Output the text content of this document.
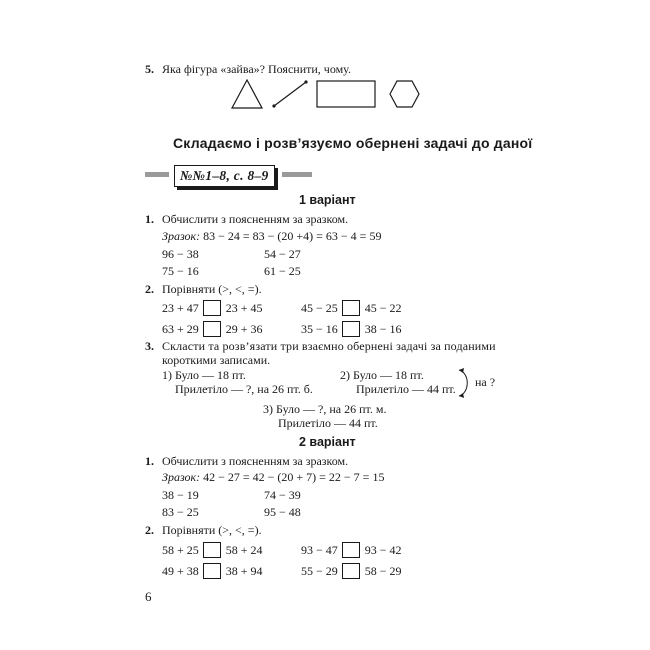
5. Яка фігура «зайва»? Пояснити, чому.
Складаємо і розв’язуємо обернені задачі до даної
№№1–8, с. 8–9
1 варіант
1. Обчислити з поясненням за зразком.
Зразок: 83 − 24 = 83 − (20 +4) = 63 − 4 = 59
96 − 38	54 − 27
75 − 16	61 − 25
2. Порівняти (>, <, =).
23 + 47 23 + 45	45 − 25 45 − 22
63 + 29 29 + 36	35 − 16 38 − 16
3. Скласти та розв’язати три взаємно обернені задачі за поданими
короткими записами.
1) Було — 18 пт.
Прилетіло — ?, на 26 пт. б.
2) Було — 18 пт.
Прилетіло — 44 пт. на ?
3) Було — ?, на 26 пт. м.
Прилетіло — 44 пт.
2 варіант
1. Обчислити з поясненням за зразком.
Зразок: 42 − 27 = 42 − (20 + 7) = 22 − 7 = 15
38 − 19	74 − 39
83 − 25	95 − 48
2. Порівняти (>, <, =).
58 + 25 58 + 24	93 − 47 93 − 42
49 + 38 38 + 94	55 − 29 58 − 29
6
